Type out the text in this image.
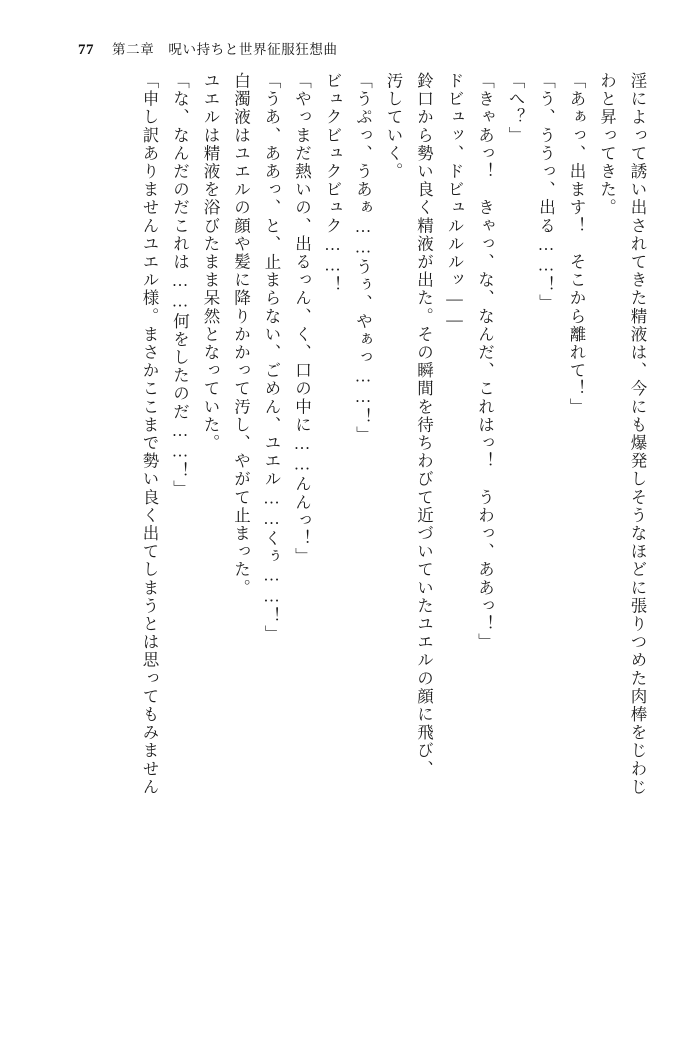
77 第二章　呪い持ちと世界征服狂想曲
淫によって誘い出されてきた精液は、今にも爆発しそうなほどに張りつめた肉棒をじわじ
わと昇ってきた。
「あぁっ、出ます！　そこから離れて！」
「う、ううっ、出る……！」
「へ？」
「きゃあっ！　きゃっ、な、なんだ、これはっ！　うわっ、ああっ！」
ドビュッ、ドビュルルルッ――
鈴口から勢い良く精液が出た。その瞬間を待ちわびて近づいていたユエルの顔に飛び、
汚していく。
「うぷっ、うあぁ……うぅ、やぁっ……！」
ビュクビュクビュク……！
「やっまだ熱いの、出るっん、く、口の中に……んんっ！」
「うあ、ああっ、と、止まらない、ごめん、ユエル……くぅ……！」
白濁液はユエルの顔や髪に降りかかって汚し、やがて止まった。
ユエルは精液を浴びたまま呆然となっていた。
「な、なんだのだこれは……何をしたのだ……！」
「申し訳ありませんユエル様。まさかここまで勢い良く出てしまうとは思ってもみません
